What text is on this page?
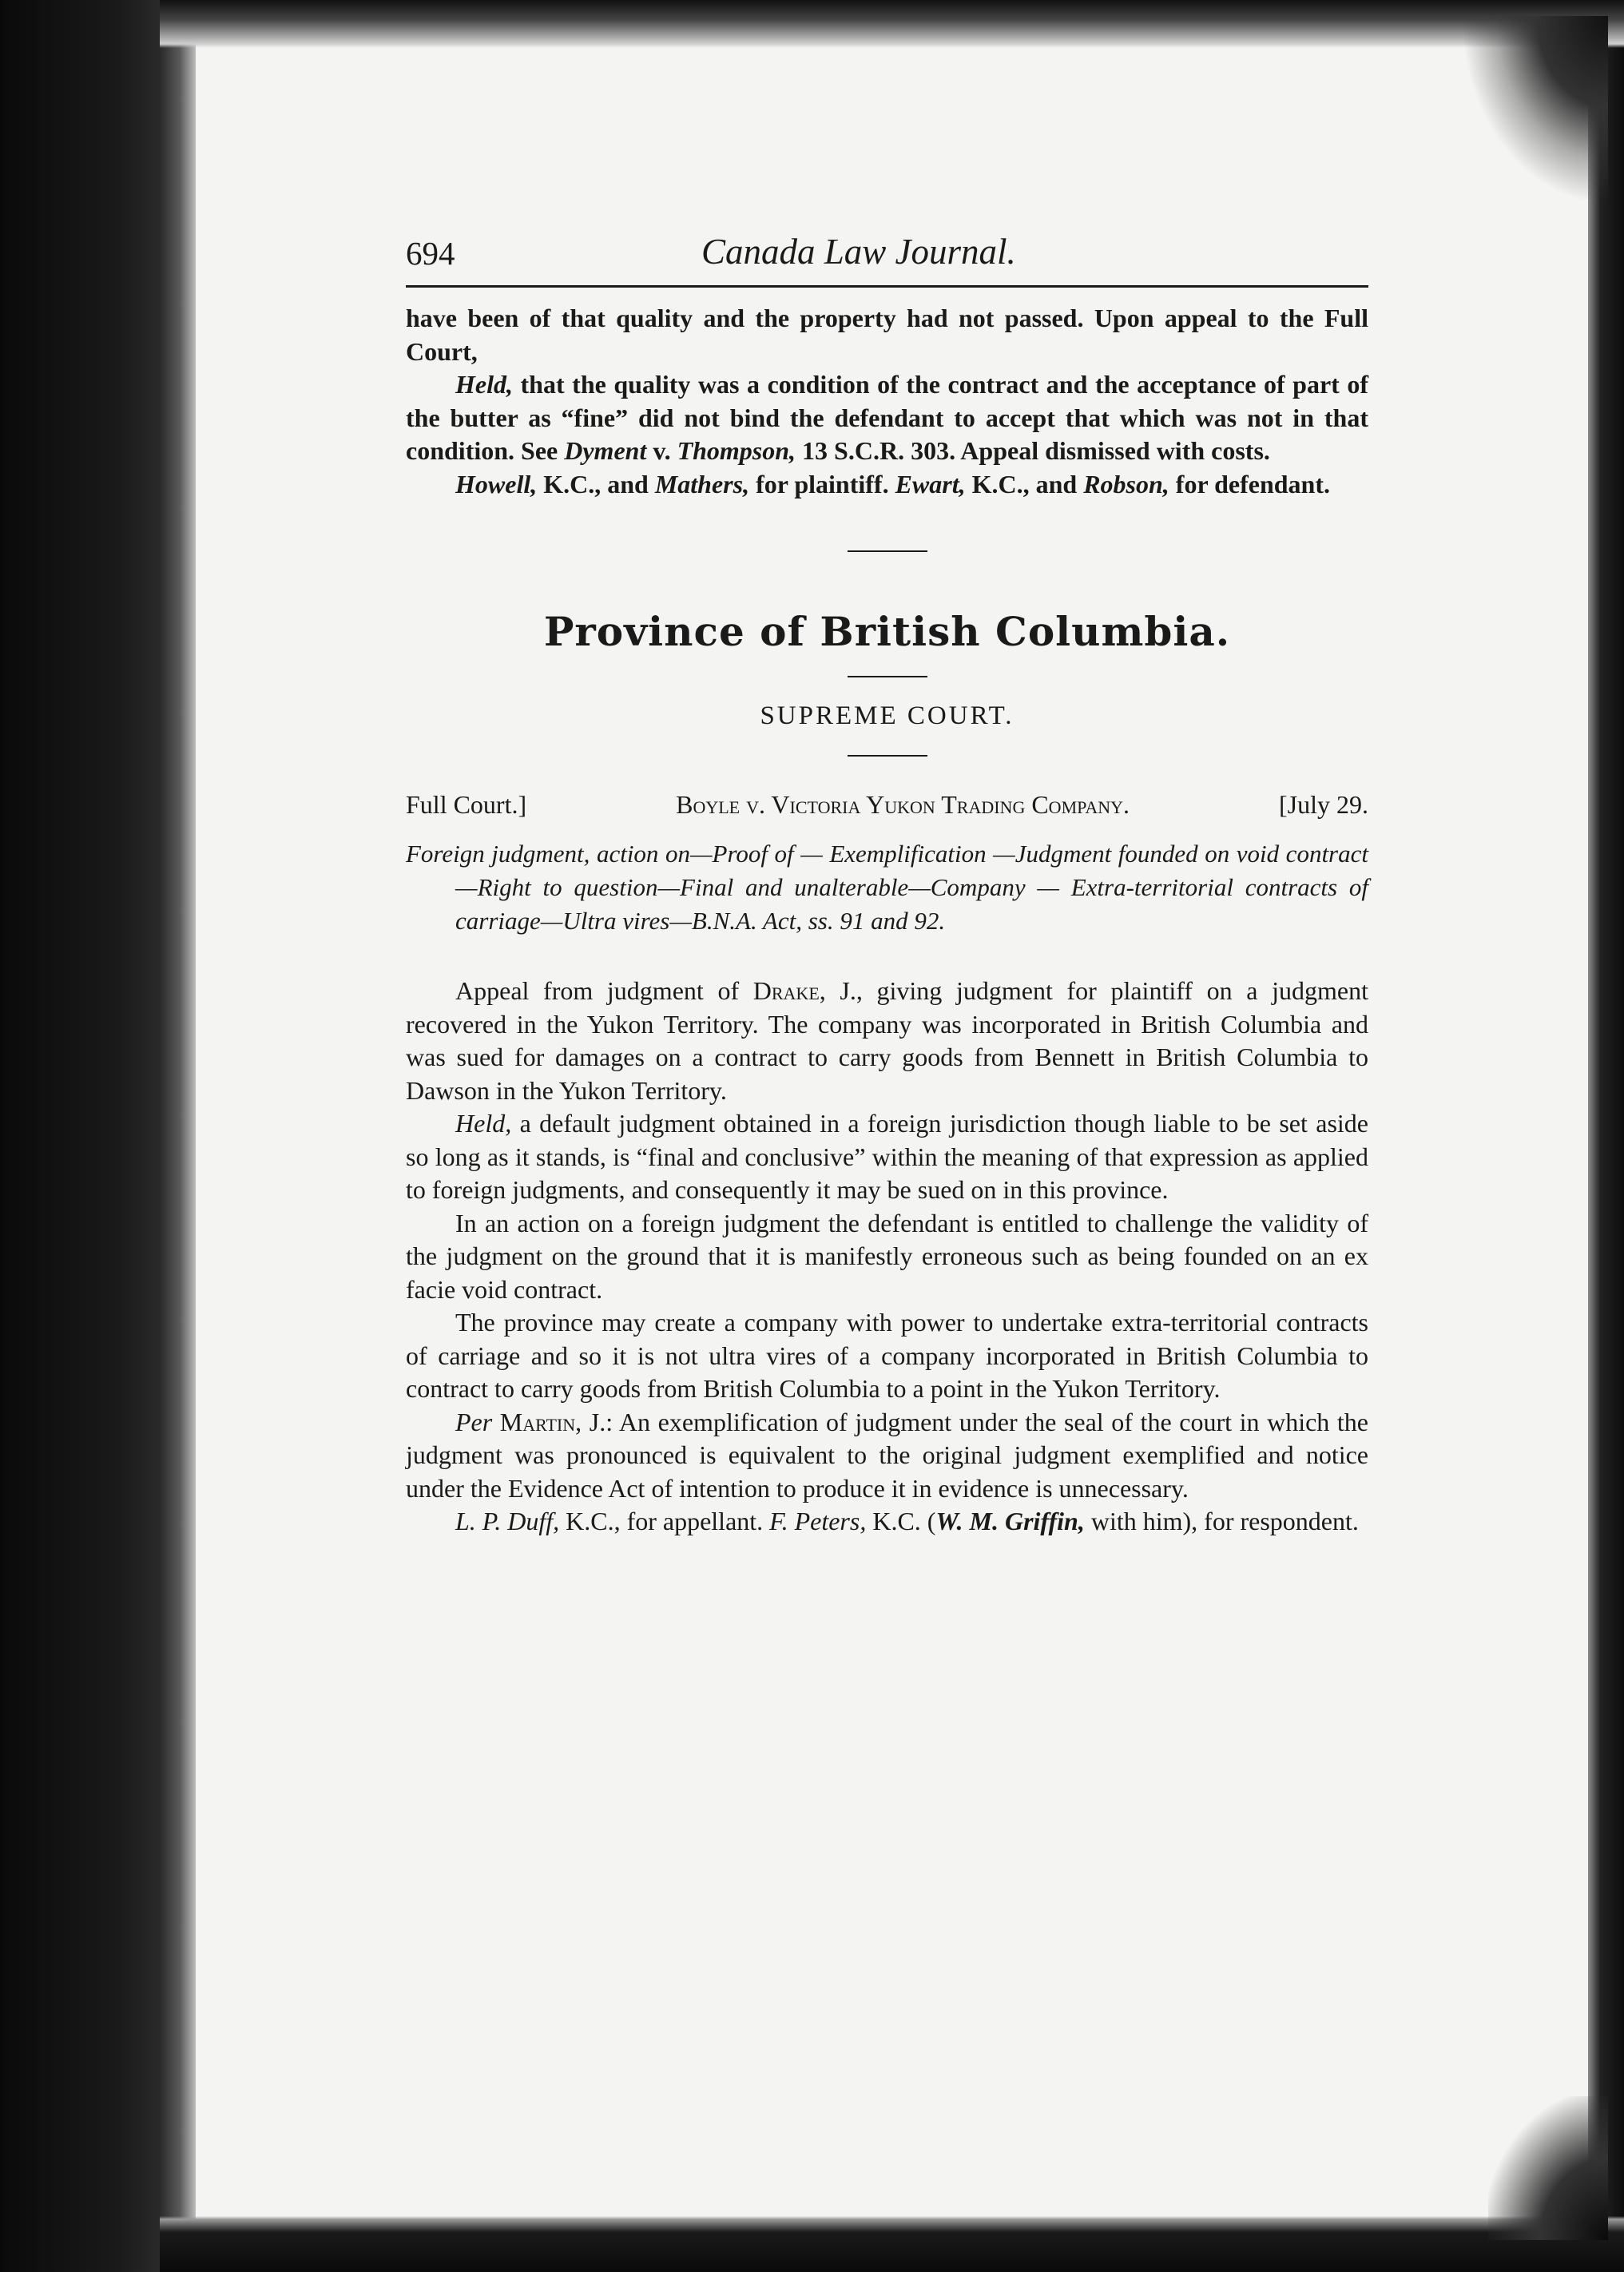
694	Canada Law Journal.

have been of that quality and the property had not passed. Upon appeal to the Full Court,

Held, that the quality was a condition of the contract and the acceptance of part of the butter as “fine” did not bind the defendant to accept that which was not in that condition. See Dyment v. Thompson, 13 S.C.R. 303. Appeal dismissed with costs.

Howell, K.C., and Mathers, for plaintiff. Ewart, K.C., and Robson, for defendant.

Province of British Columbia.
SUPREME COURT.
Full Court.]	Boyle v. Victoria Yukon Trading Company.	[July 29.
Foreign judgment, action on—Proof of — Exemplification —Judgment founded on void contract—Right to question—Final and unalterable—Company — Extra-territorial contracts of carriage—Ultra vires—B.N.A. Act, ss. 91 and 92.

Appeal from judgment of Drake, J., giving judgment for plaintiff on a judgment recovered in the Yukon Territory. The company was incorporated in British Columbia and was sued for damages on a contract to carry goods from Bennett in British Columbia to Dawson in the Yukon Territory.

Held, a default judgment obtained in a foreign jurisdiction though liable to be set aside so long as it stands, is “final and conclusive” within the meaning of that expression as applied to foreign judgments, and consequently it may be sued on in this province.

In an action on a foreign judgment the defendant is entitled to challenge the validity of the judgment on the ground that it is manifestly erroneous such as being founded on an ex facie void contract.

The province may create a company with power to undertake extra-territorial contracts of carriage and so it is not ultra vires of a company incorporated in British Columbia to contract to carry goods from British Columbia to a point in the Yukon Territory.

Per Martin, J.: An exemplification of judgment under the seal of the court in which the judgment was pronounced is equivalent to the original judgment exemplified and notice under the Evidence Act of intention to produce it in evidence is unnecessary.

L. P. Duff, K.C., for appellant. F. Peters, K.C. (W. M. Griffin, with him), for respondent.
